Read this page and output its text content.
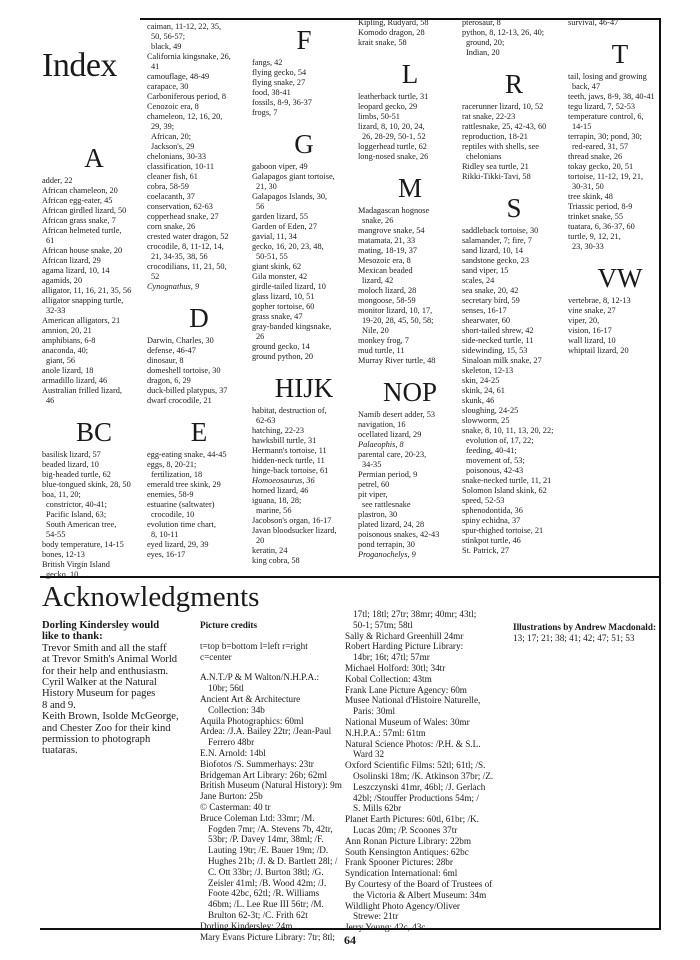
Index
A
adder, 22
African chameleon, 20
African egg-eater, 45
African girdled lizard, 50
African grass snake, 7
African helmeted turtle,
61
African house snake, 20
African lizard, 29
agama lizard, 10, 14
agamids, 20
alligator, 11, 16, 21, 35, 56
alligator snapping turtle,
32-33
American alligators, 21
amnion, 20, 21
amphibians, 6-8
anaconda, 40;
giant, 56
anole lizard, 18
armadillo lizard, 46
Australian frilled lizard,
46
BC
basilisk lizard, 57
beaded lizard, 10
big-headed turtle, 62
blue-tongued skink, 28, 50
boa, 11, 20;
constrictor, 40-41;
Pacific Island, 63;
South American tree,
54-55
body temperature, 14-15
bones, 12-13
British Virgin Island
gecko, 10
caiman, 11-12, 22, 35,
50, 56-57;
black, 49
California kingsnake, 26,
41
camouflage, 48-49
carapace, 30
Carboniferous period, 8
Cenozoic era, 8
chameleon, 12, 16, 20,
29, 39;
African, 20;
Jackson's, 29
chelonians, 30-33
classification, 10-11
cleaner fish, 61
cobra, 58-59
coelacanth, 37
conservation, 62-63
copperhead snake, 27
corn snake, 26
crested water dragon, 52
crocodile, 8, 11-12, 14,
21, 34-35, 38, 56
crocodilians, 11, 21, 50,
52
Cynognathus, 9
D
Darwin, Charles, 30
defense, 46-47
dinosaur, 8
domeshell tortoise, 30
dragon, 6, 29
duck-billed platypus, 37
dwarf crocodile, 21
E
egg-eating snake, 44-45
eggs, 8, 20-21;
fertilization, 18
emerald tree skink, 29
enemies, 58-9
estuarine (saltwater)
crocodile, 10
evolution time chart,
8, 10-11
eyed lizard, 29, 39
eyes, 16-17
F
fangs, 42
flying gecko, 54
flying snake, 27
food, 38-41
fossils, 8-9, 36-37
frogs, 7
G
gaboon viper, 49
Galapagos giant tortoise,
21, 30
Galapagos Islands, 30,
56
garden lizard, 55
Garden of Eden, 27
gavial, 11, 34
gecko, 16, 20, 23, 48,
50-51, 55
giant skink, 62
Gila monster, 42
girdle-tailed lizard, 10
glass lizard, 10, 51
gopher tortoise, 60
grass snake, 47
gray-banded kingsnake,
26
ground gecko, 14
ground python, 20
HIJK
habitat, destruction of,
62-63
hatching, 22-23
hawksbill turtle, 31
Hermann's tortoise, 11
hidden-neck turtle, 11
hinge-back tortoise, 61
Homoeosaurus, 36
horned lizard, 46
iguana, 18, 28;
marine, 56
Jacobson's organ, 16-17
Javan bloodsucker lizard,
20
keratin, 24
king cobra, 58
Kipling, Rudyard, 58
Komodo dragon, 28
krait snake, 58
L
leatherback turtle, 31
leopard gecko, 29
limbs, 50-51
lizard, 8, 10, 20, 24,
26, 28-29, 50-1, 52
loggerhead turtle, 62
long-nosed snake, 26
M
Madagascan hognose
snake, 26
mangrove snake, 54
matamata, 21, 33
mating, 18-19, 37
Mesozoic era, 8
Mexican beaded
lizard, 42
moloch lizard, 28
mongoose, 58-59
monitor lizard, 10, 17,
19-20, 28, 45, 50, 58;
Nile, 20
monkey frog, 7
mud turtle, 11
Murray River turtle, 48
NOP
Namib desert adder, 53
navigation, 16
ocellated lizard, 29
Palaeophis, 8
parental care, 20-23,
34-35
Permian period, 9
petrel, 60
pit viper,
see rattlesnake
plastron, 30
plated lizard, 24, 28
poisonous snakes, 42-43
pond terrapin, 30
Proganochelys, 9
pterosaur, 8
python, 8, 12-13, 26, 40;
ground, 20;
Indian, 20
R
racerunner lizard, 10, 52
rat snake, 22-23
rattlesnake, 25, 42-43, 60
reproduction, 18-21
reptiles with shells, see
chelonians
Ridley sea turtle, 21
Rikki-Tikki-Tavi, 58
S
saddleback tortoise, 30
salamander, 7; fire, 7
sand lizard, 10, 14
sandstone gecko, 23
sand viper, 15
scales, 24
sea snake, 20, 42
secretary bird, 59
senses, 16-17
shearwater, 60
short-tailed shrew, 42
side-necked turtle, 11
sidewinding, 15, 53
Sinaloan milk snake, 27
skeleton, 12-13
skin, 24-25
skink, 24, 61
skunk, 46
sloughing, 24-25
slowworm, 25
snake, 8, 10, 11, 13, 20, 22;
evolution of, 17, 22;
feeding, 40-41;
movement of, 53;
poisonous, 42-43
snake-necked turtle, 11, 21
Solomon Island skink, 62
speed, 52-53
sphenodontida, 36
spiny echidna, 37
spur-thighed tortoise, 21
stinkpot turtle, 46
St. Patrick, 27
survival, 46-47
T
tail, losing and growing
back, 47
teeth, jaws, 8-9, 38, 40-41
tegu lizard, 7, 52-53
temperature control, 6,
14-15
terrapin, 30; pond, 30;
red-eared, 31, 57
thread snake, 26
tokay gecko, 20, 51
tortoise, 11-12, 19, 21,
30-31, 50
tree skink, 48
Triassic period, 8-9
trinket snake, 55
tuatara, 6, 36-37, 60
turtle, 9, 12, 21,
23, 30-33
VW
vertebrae, 8, 12-13
vine snake, 27
viper, 20,
vision, 16-17
wall lizard, 10
whiptail lizard, 20
Acknowledgments
Dorling Kindersley would
like to thank:
Trevor Smith and all the staff
at Trevor Smith's Animal World
for their help and enthusiasm.
Cyril Walker at the Natural
History Museum for pages
8 and 9.
Keith Brown, Isolde McGeorge,
and Chester Zoo for their kind
permission to photograph
tuataras.
Picture credits
t=top b=bottom l=left r=right
c=center
A.N.T./P & M Walton/N.H.P.A.:
10br; 56tl
Ancient Art & Architecture
Collection: 34b
Aquila Photographics: 60ml
Ardea: /J.A. Bailey 22tr; /Jean-Paul
Ferrero 48br
E.N. Arnold: 14bl
Biofotos /S. Summerhays: 23tr
Bridgeman Art Library: 26b; 62ml
British Museum (Natural History): 9m
Jane Burton: 25b
© Casterman: 40 tr
Bruce Coleman Ltd: 33mr; /M.
Fogden 7mr; /A. Stevens 7b, 42tr,
53br; /P. Davey 14mr, 38ml; /F.
Lauting 19tr; /E. Bauer 19m; /D.
Hughes 21b; /J. & D. Bartlett 28l; /
C. Ott 33br; /J. Burton 38tl; /G.
Zeisler 41ml; /B. Wood 42m; /J.
Foote 42bc, 62tl; /R. Williams
46bm; /L. Lee Rue III 56tr; /M.
Brulton 62-3t; /C. Frith 62t
Dorling Kindersley: 24m
Mary Evans Picture Library: 7tr; 8tl;
17tl; 18tl; 27tr; 38mr; 40mr; 43tl;
50-1; 57tm; 58tl
Sally & Richard Greenhill 24mr
Robert Harding Picture Library:
14br; 16t; 47tl; 57mr
Michael Holford: 30tl; 34tr
Kobal Collection: 43tm
Frank Lane Picture Agency: 60m
Musee National d'Histoire Naturelle,
Paris: 30ml
National Museum of Wales: 30mr
N.H.P.A.: 57ml: 61tm
Natural Science Photos: /P.H. & S.L.
Ward 32
Oxford Scientific Films: 52tl; 61tl; /S.
Osolinski 18m; /K. Atkinson 37br; /Z.
Leszczynski 41mr, 46bl; /J. Gerlach
42bl; /Stouffer Productions 54m; /
S. Mills 62br
Planet Earth Pictures: 60tl, 61br; /K.
Lucas 20m; /P. Scoones 37tr
Ann Ronan Picture Library: 22bm
South Kensington Antiques: 62bc
Frank Spooner Pictures: 28br
Syndication International: 6ml
By Courtesy of the Board of Trustees of
the Victoria & Albert Museum: 34m
Wildlight Photo Agency/Oliver
Strewe: 21tr
Jerry Young: 42c, 43c
Illustrations by Andrew Macdonald:
13; 17; 21; 38; 41; 42; 47; 51; 53
64
